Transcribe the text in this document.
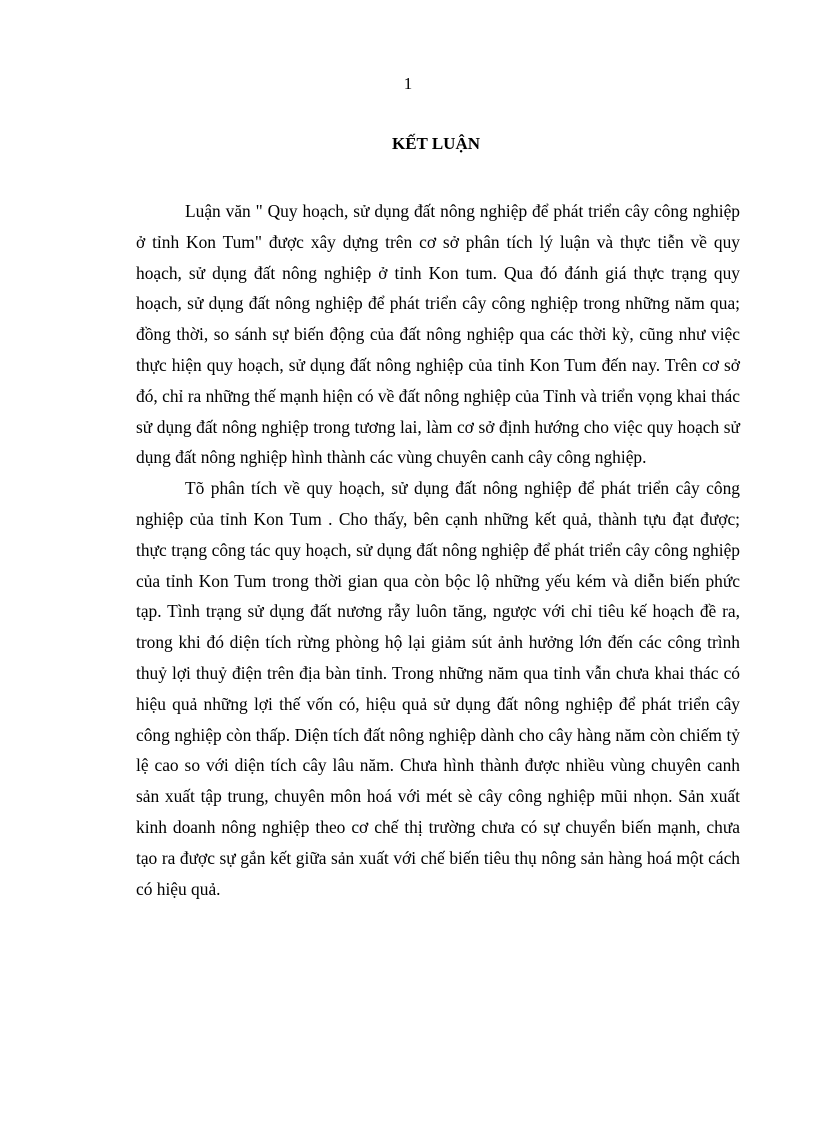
1
KẾT LUẬN

Luận văn " Quy hoạch, sử dụng đất nông nghiệp để phát triển cây công nghiệp ở tỉnh Kon Tum" được xây dựng trên cơ sở phân tích lý luận và thực tiễn về quy hoạch, sử dụng đất nông nghiệp ở tỉnh Kon tum. Qua đó đánh giá thực trạng quy hoạch, sử dụng đất nông nghiệp để phát triển cây công nghiệp trong những năm qua; đồng thời, so sánh sự biến động của đất nông nghiệp qua các thời kỳ, cũng như việc thực hiện quy hoạch, sử dụng đất nông nghiệp của tỉnh Kon Tum đến nay. Trên cơ sở đó, chỉ ra những thế mạnh hiện có về đất nông nghiệp của Tỉnh và triển vọng khai thác sử dụng đất nông nghiệp trong tương lai, làm cơ sở định hướng cho việc quy hoạch sử dụng đất nông nghiệp hình thành các vùng chuyên canh cây công nghiệp.

Tõ phân tích về quy hoạch, sử dụng đất nông nghiệp để phát triển cây công nghiệp của tỉnh Kon Tum . Cho thấy, bên cạnh những kết quả, thành tựu đạt được; thực trạng công tác quy hoạch, sử dụng đất nông nghiệp để phát triển cây công nghiệp của tỉnh Kon Tum trong thời gian qua còn bộc lộ những yếu kém và diễn biến phức tạp. Tình trạng sử dụng đất nương rẫy luôn tăng, ngược với chỉ tiêu kế hoạch đề ra, trong khi đó diện tích rừng phòng hộ lại giảm sút ảnh hưởng lớn đến các công trình thuỷ lợi thuỷ điện trên địa bàn tỉnh. Trong những năm qua tỉnh vẫn chưa khai thác có hiệu quả những lợi thế vốn có, hiệu quả sử dụng đất nông nghiệp để phát triển cây công nghiệp còn thấp. Diện tích đất nông nghiệp dành cho cây hàng năm còn chiếm tỷ lệ cao so với diện tích cây lâu năm. Chưa hình thành được nhiều vùng chuyên canh sản xuất tập trung, chuyên môn hoá với mét sè cây công nghiệp mũi nhọn. Sản xuất kinh doanh nông nghiệp theo cơ chế thị trường chưa có sự chuyển biến mạnh, chưa tạo ra được sự gắn kết giữa sản xuất với chế biến tiêu thụ nông sản hàng hoá một cách có hiệu quả.
